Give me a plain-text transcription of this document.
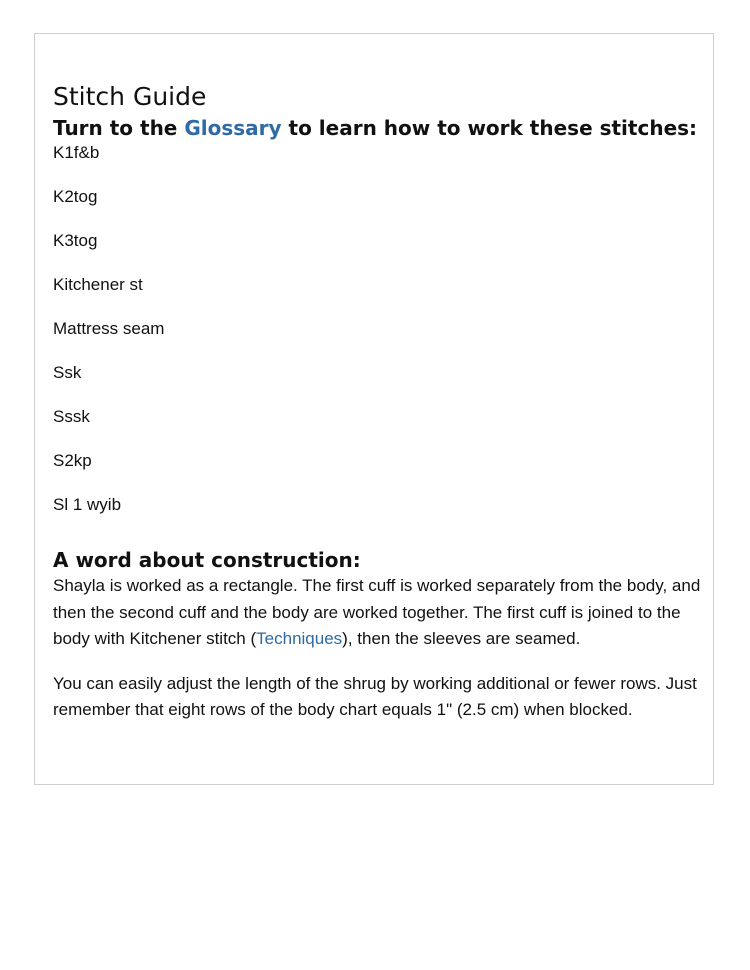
Stitch Guide
Turn to the Glossary to learn how to work these stitches:
K1f&b
K2tog
K3tog
Kitchener st
Mattress seam
Ssk
Sssk
S2kp
Sl 1 wyib
A word about construction:

Shayla is worked as a rectangle. The first cuff is worked separately from the body, and then the second cuff and the body are worked together. The first cuff is joined to the body with Kitchener stitch (Techniques), then the sleeves are seamed.

You can easily adjust the length of the shrug by working additional or fewer rows. Just remember that eight rows of the body chart equals 1" (2.5 cm) when blocked.
